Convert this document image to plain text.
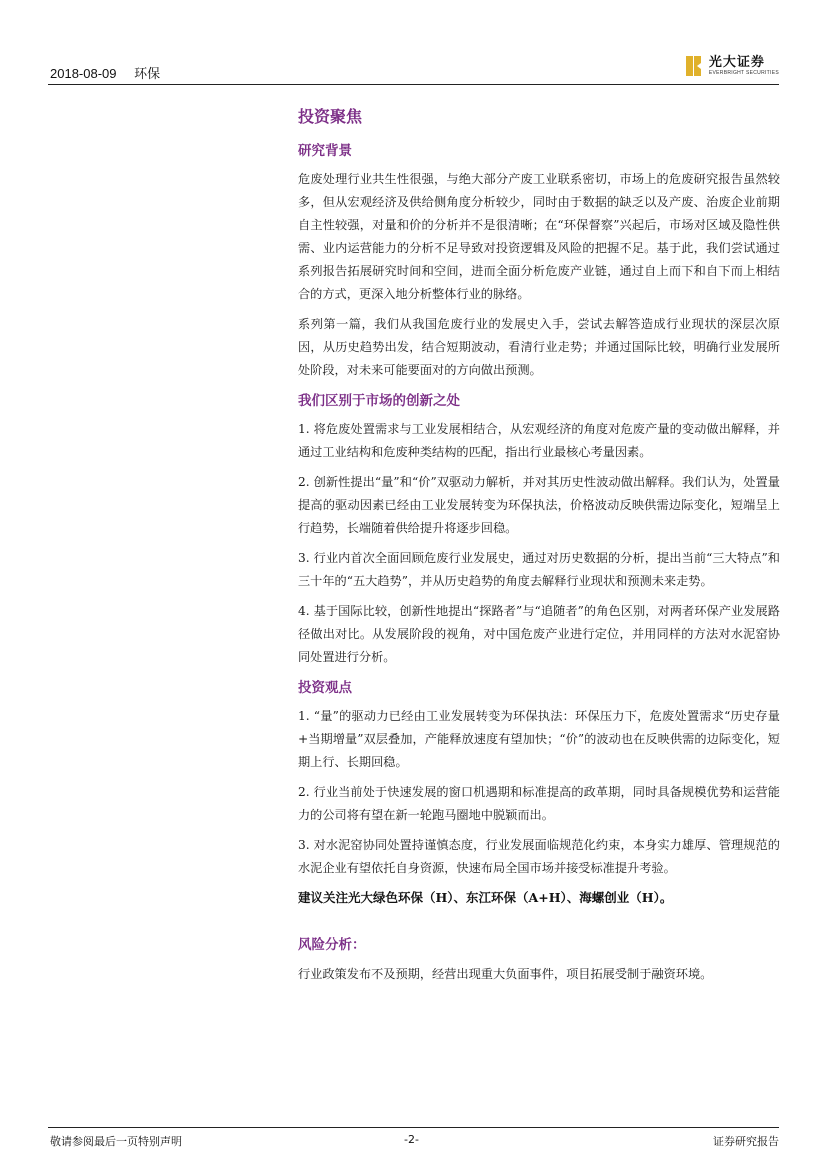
2018-08-09 环保
光大证券
EVERBRIGHT SECURITIES
投资聚焦
研究背景

危废处理行业共生性很强，与绝大部分产废工业联系密切，市场上的危废研究报告虽然较多，但从宏观经济及供给侧角度分析较少，同时由于数据的缺乏以及产废、治废企业前期自主性较强，对量和价的分析并不是很清晰；在“环保督察”兴起后，市场对区域及隐性供需、业内运营能力的分析不足导致对投资逻辑及风险的把握不足。基于此，我们尝试通过系列报告拓展研究时间和空间，进而全面分析危废产业链，通过自上而下和自下而上相结合的方式，更深入地分析整体行业的脉络。

系列第一篇，我们从我国危废行业的发展史入手，尝试去解答造成行业现状的深层次原因，从历史趋势出发，结合短期波动，看清行业走势；并通过国际比较，明确行业发展所处阶段，对未来可能要面对的方向做出预测。

我们区别于市场的创新之处

1. 将危废处置需求与工业发展相结合，从宏观经济的角度对危废产量的变动做出解释，并通过工业结构和危废种类结构的匹配，指出行业最核心考量因素。

2. 创新性提出“量”和“价”双驱动力解析，并对其历史性波动做出解释。我们认为，处置量提高的驱动因素已经由工业发展转变为环保执法，价格波动反映供需边际变化，短端呈上行趋势，长端随着供给提升将逐步回稳。

3. 行业内首次全面回顾危废行业发展史，通过对历史数据的分析，提出当前“三大特点”和三十年的“五大趋势”，并从历史趋势的角度去解释行业现状和预测未来走势。

4. 基于国际比较，创新性地提出“探路者”与“追随者”的角色区别，对两者环保产业发展路径做出对比。从发展阶段的视角，对中国危废产业进行定位，并用同样的方法对水泥窑协同处置进行分析。

投资观点

1. “量”的驱动力已经由工业发展转变为环保执法：环保压力下，危废处置需求“历史存量+当期增量”双层叠加，产能释放速度有望加快；“价”的波动也在反映供需的边际变化，短期上行、长期回稳。

2. 行业当前处于快速发展的窗口机遇期和标准提高的政革期，同时具备规模优势和运营能力的公司将有望在新一轮跑马圈地中脱颖而出。

3. 对水泥窑协同处置持谨慎态度，行业发展面临规范化约束，本身实力雄厚、管理规范的水泥企业有望依托自身资源，快速布局全国市场并接受标准提升考验。

建议关注光大绿色环保（H）、东江环保（A+H）、海螺创业（H）。
风险分析：

行业政策发布不及预期，经营出现重大负面事件，项目拓展受制于融资环境。

敬请参阅最后一页特别声明	-2-	证券研究报告
